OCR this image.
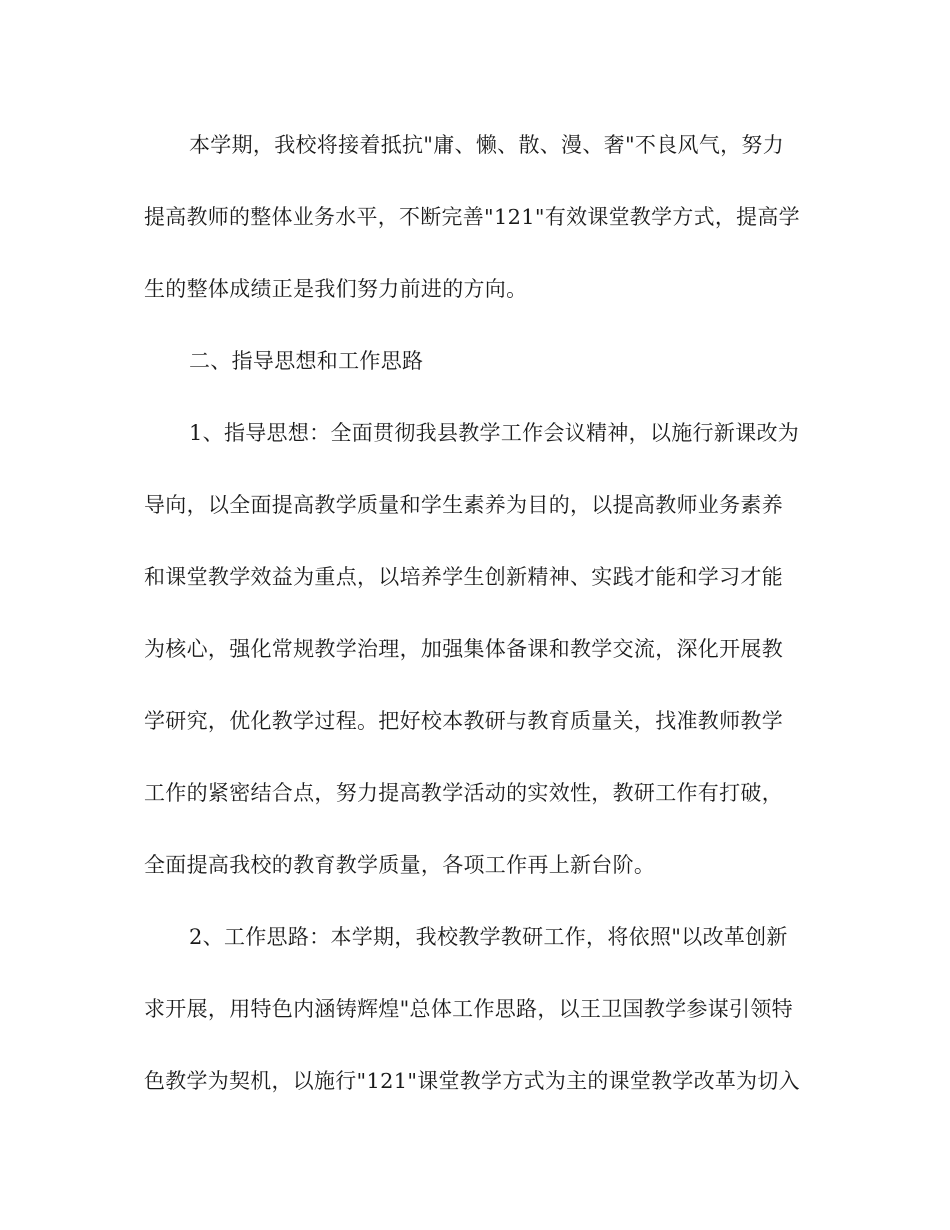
本学期，我校将接着抵抗"庸、懒、散、漫、奢"不良风气，努力
提高教师的整体业务水平，不断完善"121"有效课堂教学方式，提高学
生的整体成绩正是我们努力前进的方向。
二、指导思想和工作思路
1、指导思想：全面贯彻我县教学工作会议精神，以施行新课改为
导向，以全面提高教学质量和学生素养为目的，以提高教师业务素养
和课堂教学效益为重点，以培养学生创新精神、实践才能和学习才能
为核心，强化常规教学治理，加强集体备课和教学交流，深化开展教
学研究，优化教学过程。把好校本教研与教育质量关，找准教师教学
工作的紧密结合点，努力提高教学活动的实效性，教研工作有打破，
全面提高我校的教育教学质量，各项工作再上新台阶。
2、工作思路：本学期，我校教学教研工作，将依照"以改革创新
求开展，用特色内涵铸辉煌"总体工作思路，以王卫国教学参谋引领特
色教学为契机，以施行"121"课堂教学方式为主的课堂教学改革为切入
